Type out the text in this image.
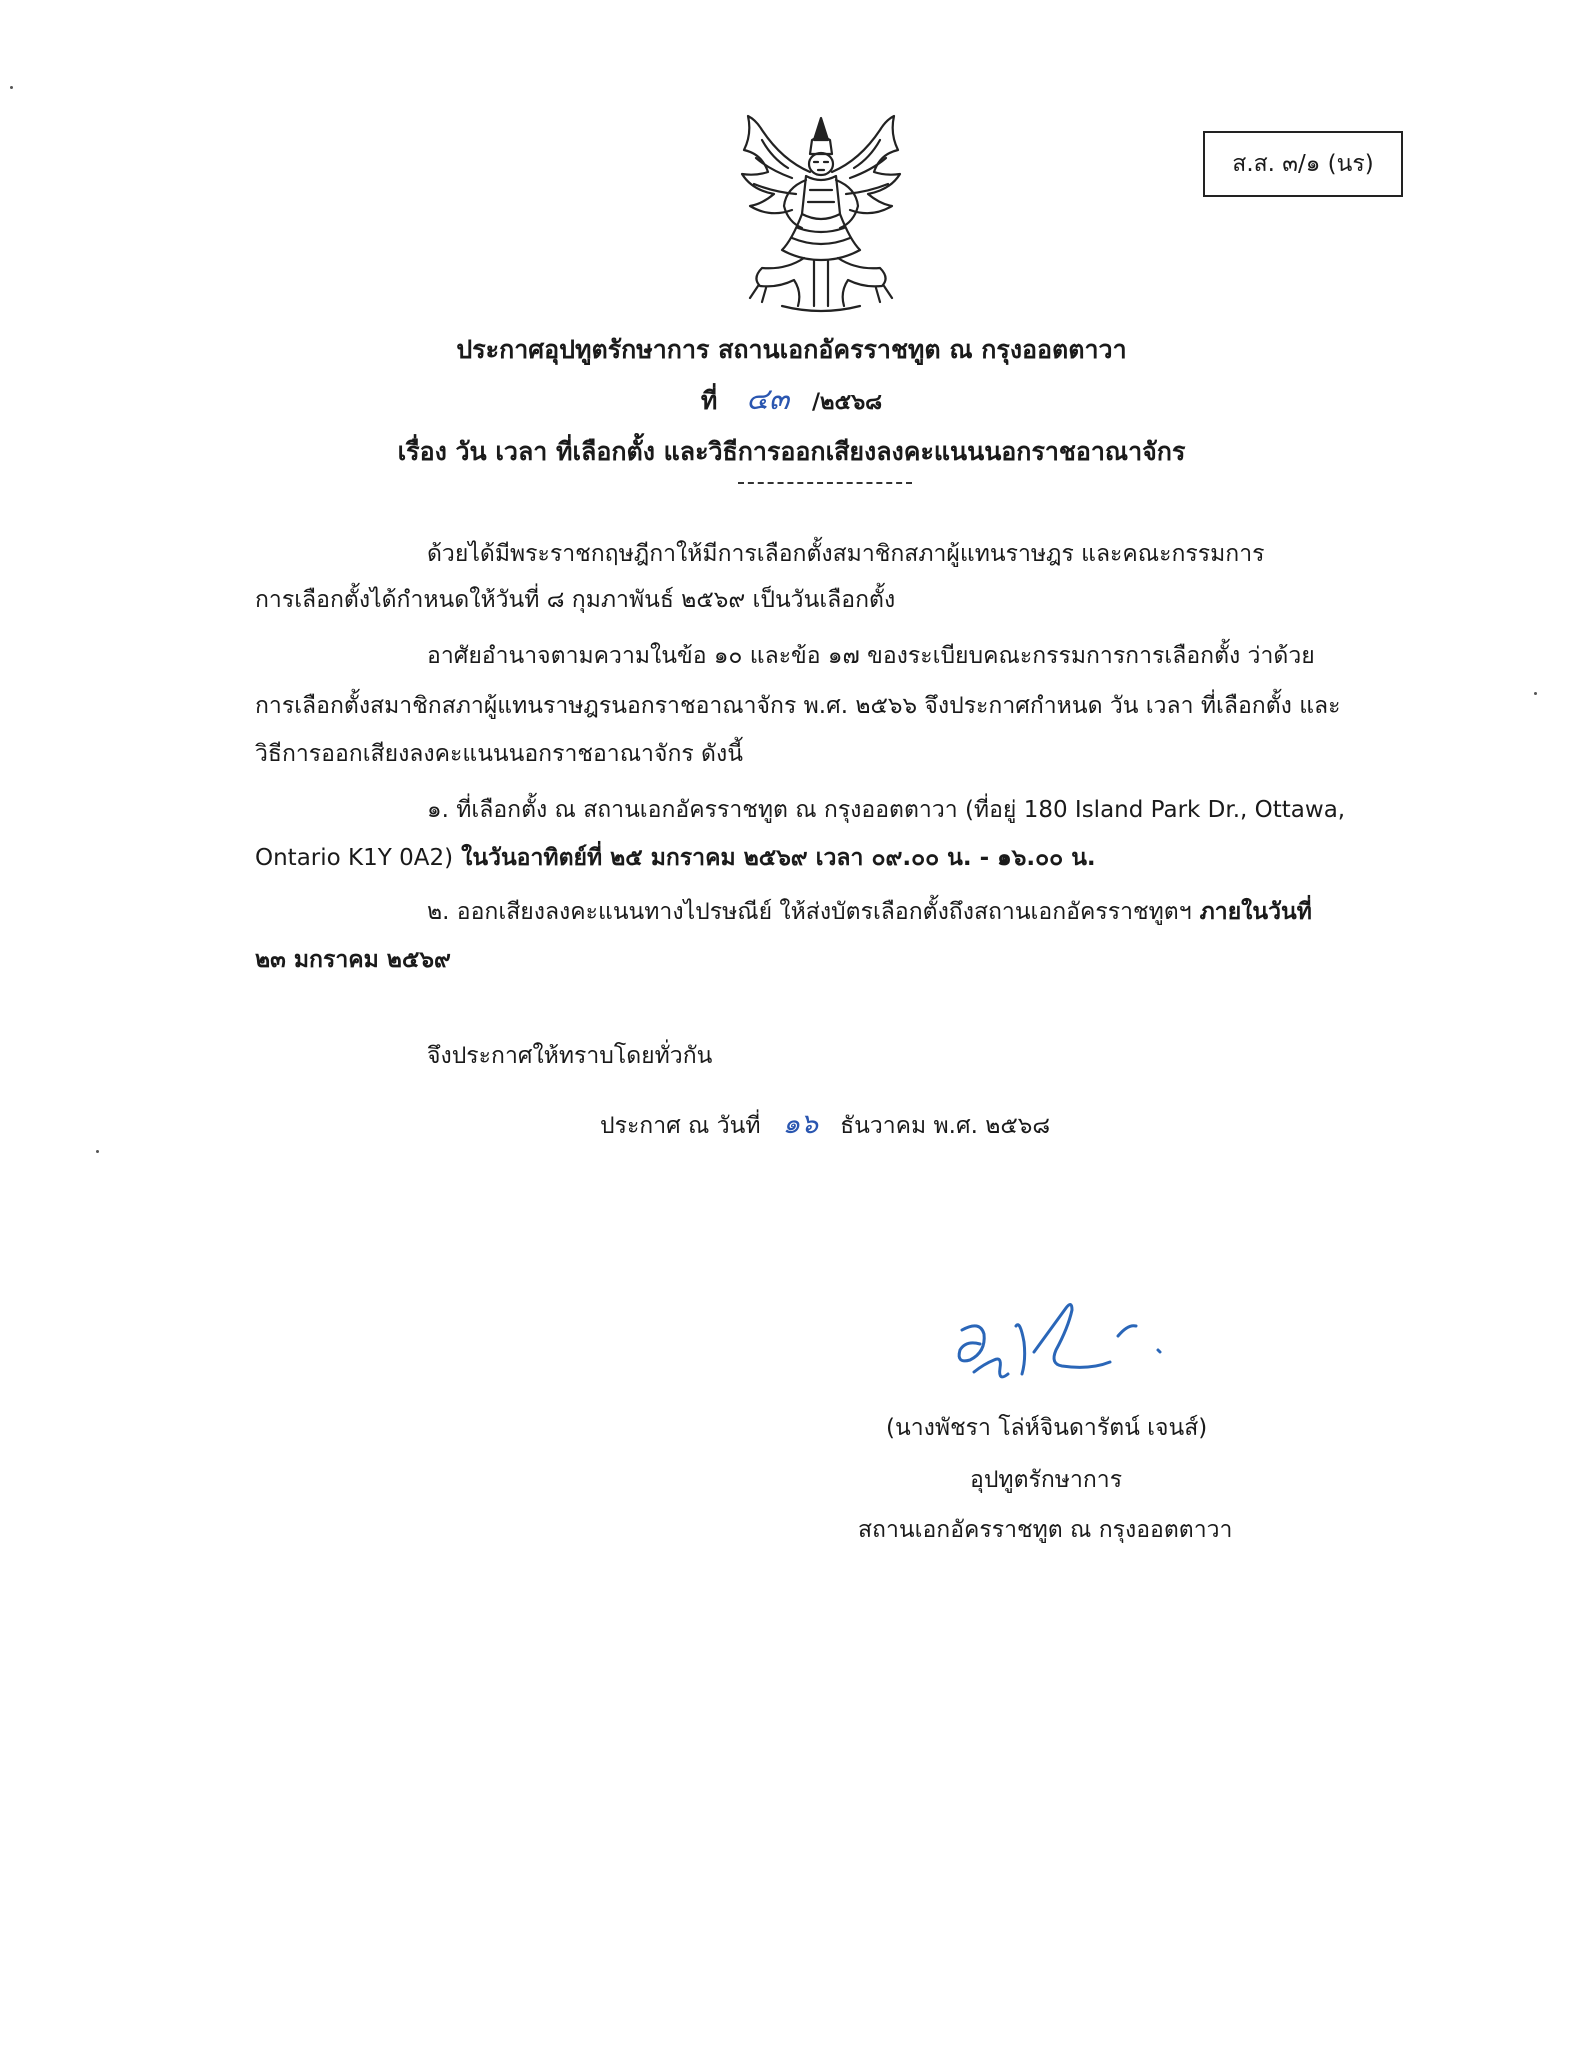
ส.ส. ๓/๑ (นร)
ประกาศอุปทูตรักษาการ สถานเอกอัครราชทูต ณ กรุงออตตาวา
ที่ ๔๓ /๒๕๖๘
เรื่อง วัน เวลา ที่เลือกตั้ง และวิธีการออกเสียงลงคะแนนนอกราชอาณาจักร
ด้วยได้มีพระราชกฤษฎีกาให้มีการเลือกตั้งสมาชิกสภาผู้แทนราษฎร และคณะกรรมการ
การเลือกตั้งได้กำหนดให้วันที่ ๘ กุมภาพันธ์ ๒๕๖๙ เป็นวันเลือกตั้ง
อาศัยอำนาจตามความในข้อ ๑๐ และข้อ ๑๗ ของระเบียบคณะกรรมการการเลือกตั้ง ว่าด้วย
การเลือกตั้งสมาชิกสภาผู้แทนราษฎรนอกราชอาณาจักร พ.ศ. ๒๕๖๖ จึงประกาศกำหนด วัน เวลา ที่เลือกตั้ง และ
วิธีการออกเสียงลงคะแนนนอกราชอาณาจักร ดังนี้
๑. ที่เลือกตั้ง ณ สถานเอกอัครราชทูต ณ กรุงออตตาวา (ที่อยู่ 180 Island Park Dr., Ottawa,
Ontario K1Y 0A2) ในวันอาทิตย์ที่ ๒๕ มกราคม ๒๕๖๙ เวลา ๐๙.๐๐ น. - ๑๖.๐๐ น.
๒. ออกเสียงลงคะแนนทางไปรษณีย์ ให้ส่งบัตรเลือกตั้งถึงสถานเอกอัครราชทูตฯ ภายในวันที่
๒๓ มกราคม ๒๕๖๙
จึงประกาศให้ทราบโดยทั่วกัน
ประกาศ ณ วันที่ ๑๖ ธันวาคม พ.ศ. ๒๕๖๘
(นางพัชรา โล่ห์จินดารัตน์ เจนส์)
อุปทูตรักษาการ
สถานเอกอัครราชทูต ณ กรุงออตตาวา
